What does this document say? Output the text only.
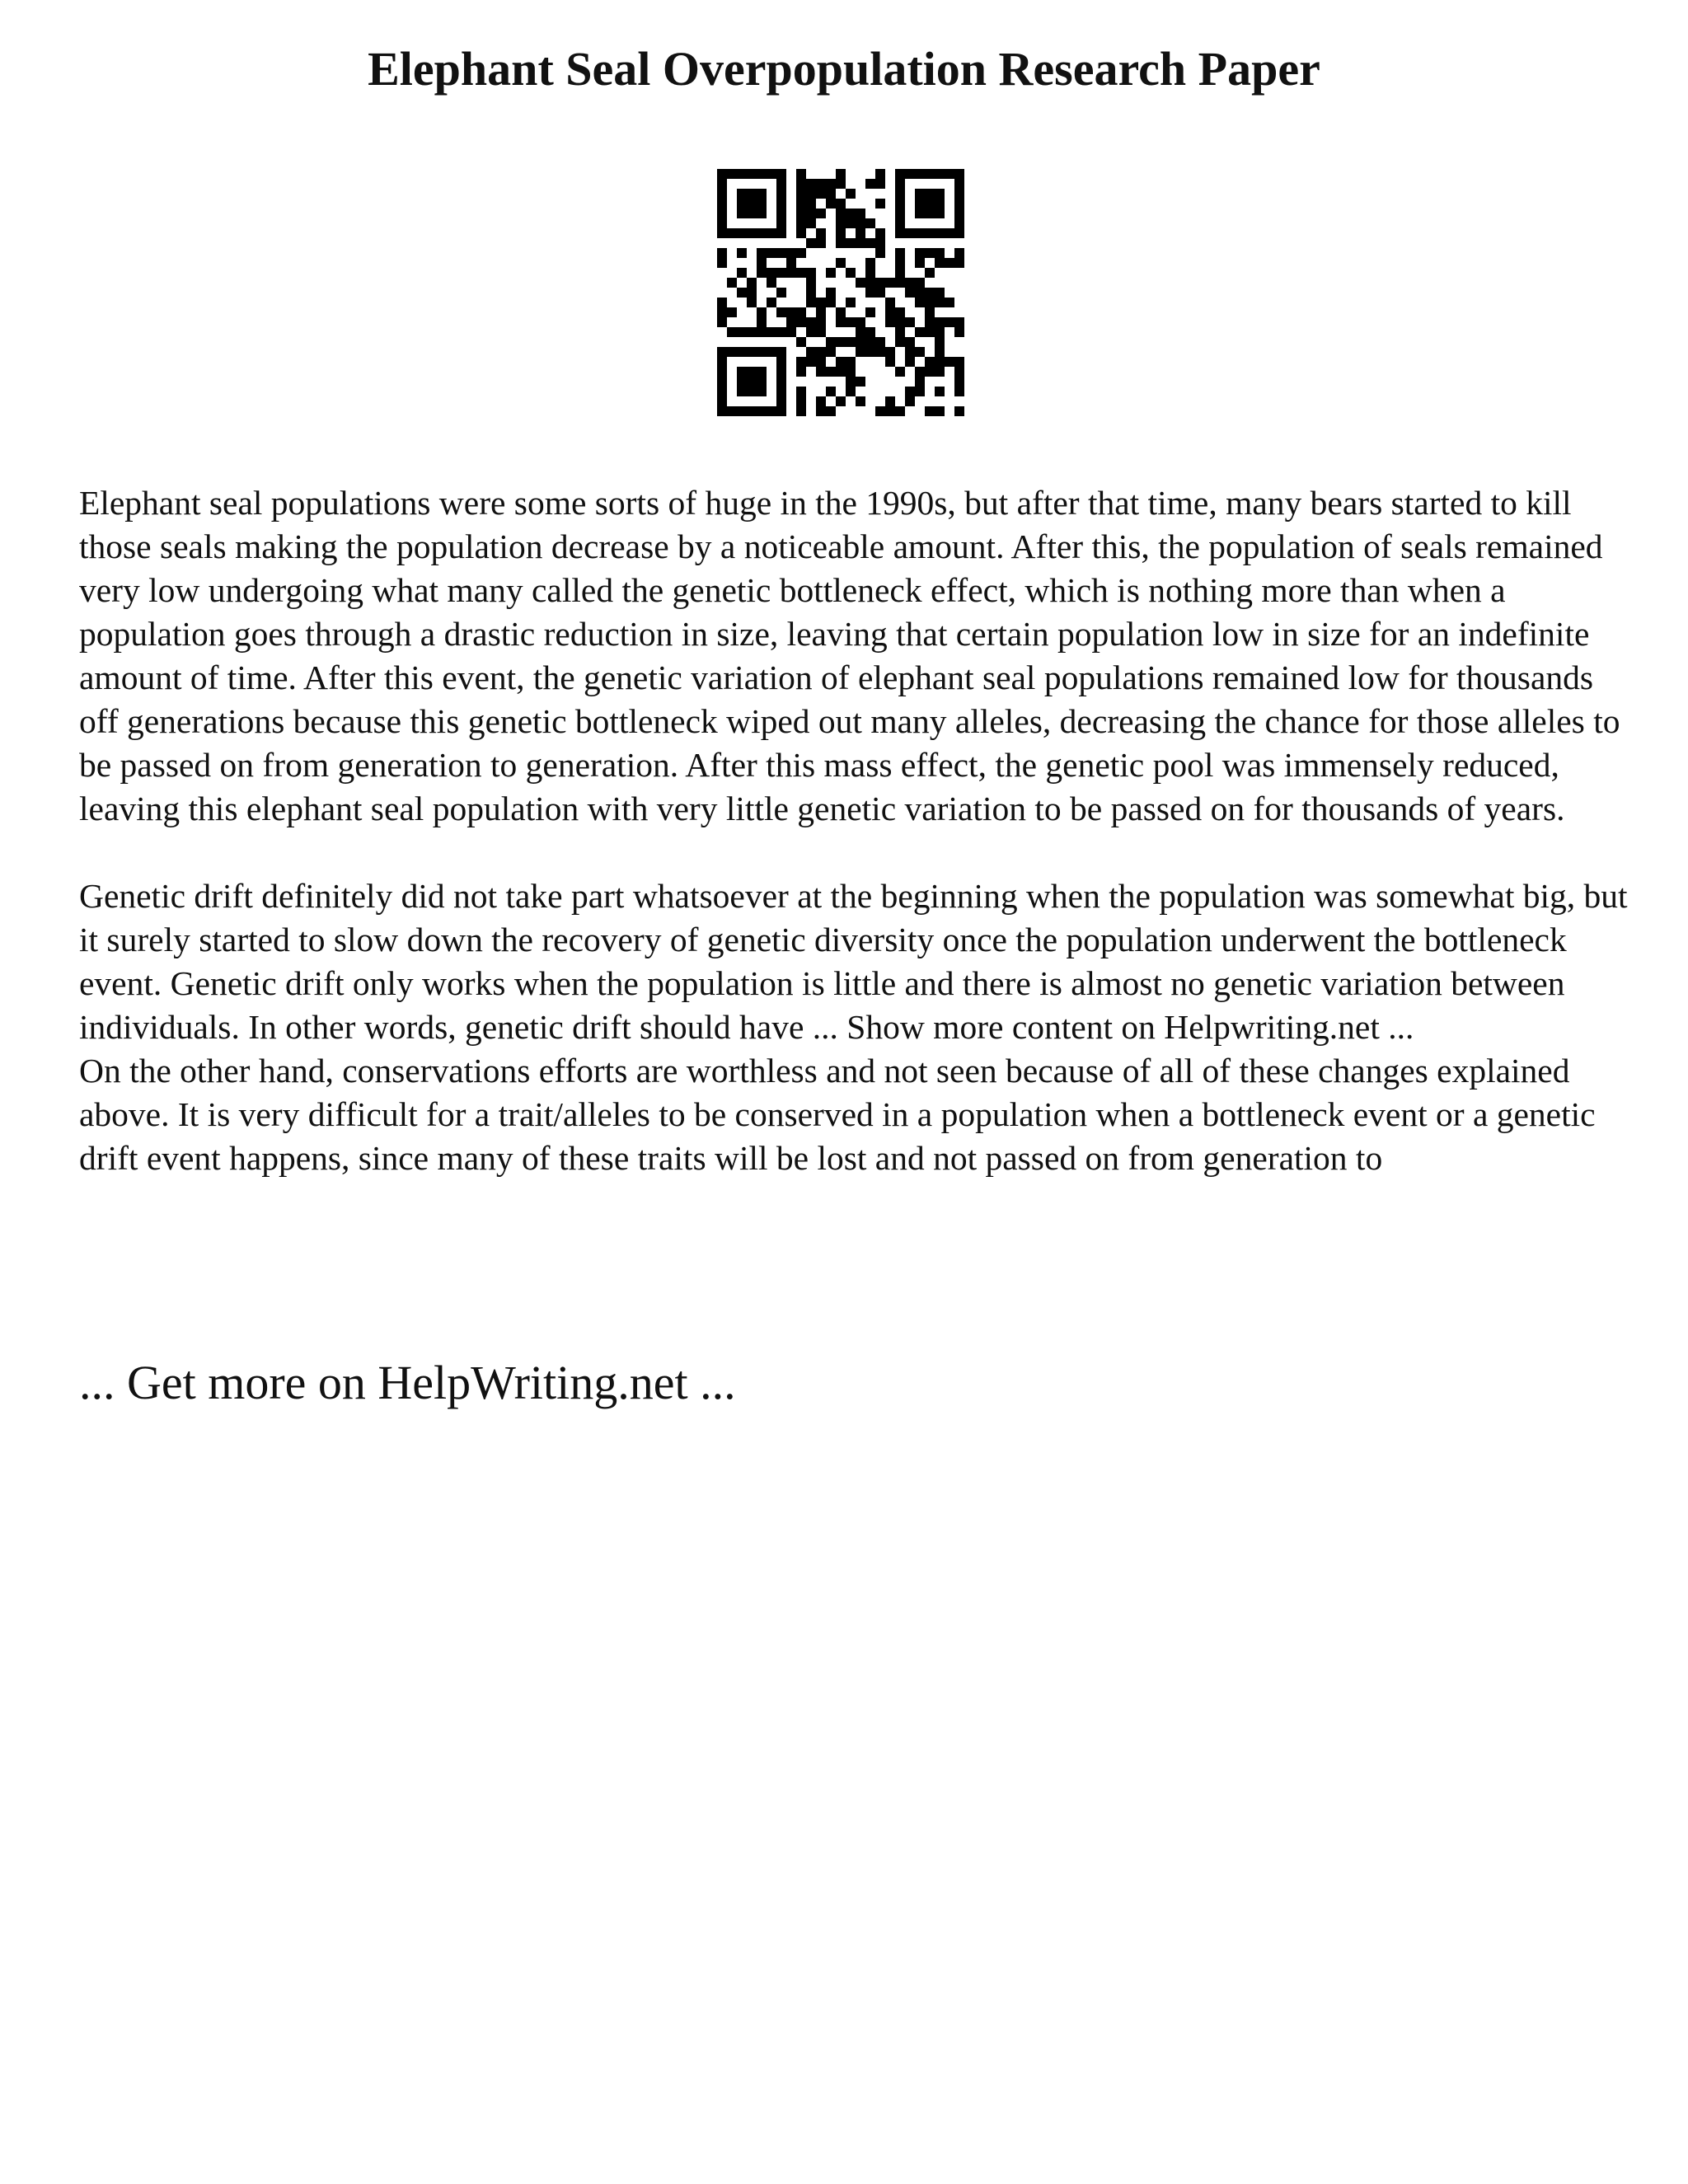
Elephant Seal Overpopulation Research Paper

Elephant seal populations were some sorts of huge in the 1990s, but after that time, many bears started to kill those seals making the population decrease by a noticeable amount. After this, the population of seals remained very low undergoing what many called the genetic bottleneck effect, which is nothing more than when a population goes through a drastic reduction in size, leaving that certain population low in size for an indefinite amount of time. After this event, the genetic variation of elephant seal populations remained low for thousands off generations because this genetic bottleneck wiped out many alleles, decreasing the chance for those alleles to be passed on from generation to generation. After this mass effect, the genetic pool was immensely reduced, leaving this elephant seal population with very little genetic variation to be passed on for thousands of years.

Genetic drift definitely did not take part whatsoever at the beginning when the population was somewhat big, but it surely started to slow down the recovery of genetic diversity once the population underwent the bottleneck event. Genetic drift only works when the population is little and there is almost no genetic variation between individuals. In other words, genetic drift should have ... Show more content on Helpwriting.net ...

On the other hand, conservations efforts are worthless and not seen because of all of these changes explained above. It is very difficult for a trait/alleles to be conserved in a population when a bottleneck event or a genetic drift event happens, since many of these traits will be lost and not passed on from generation to

... Get more on HelpWriting.net ...
